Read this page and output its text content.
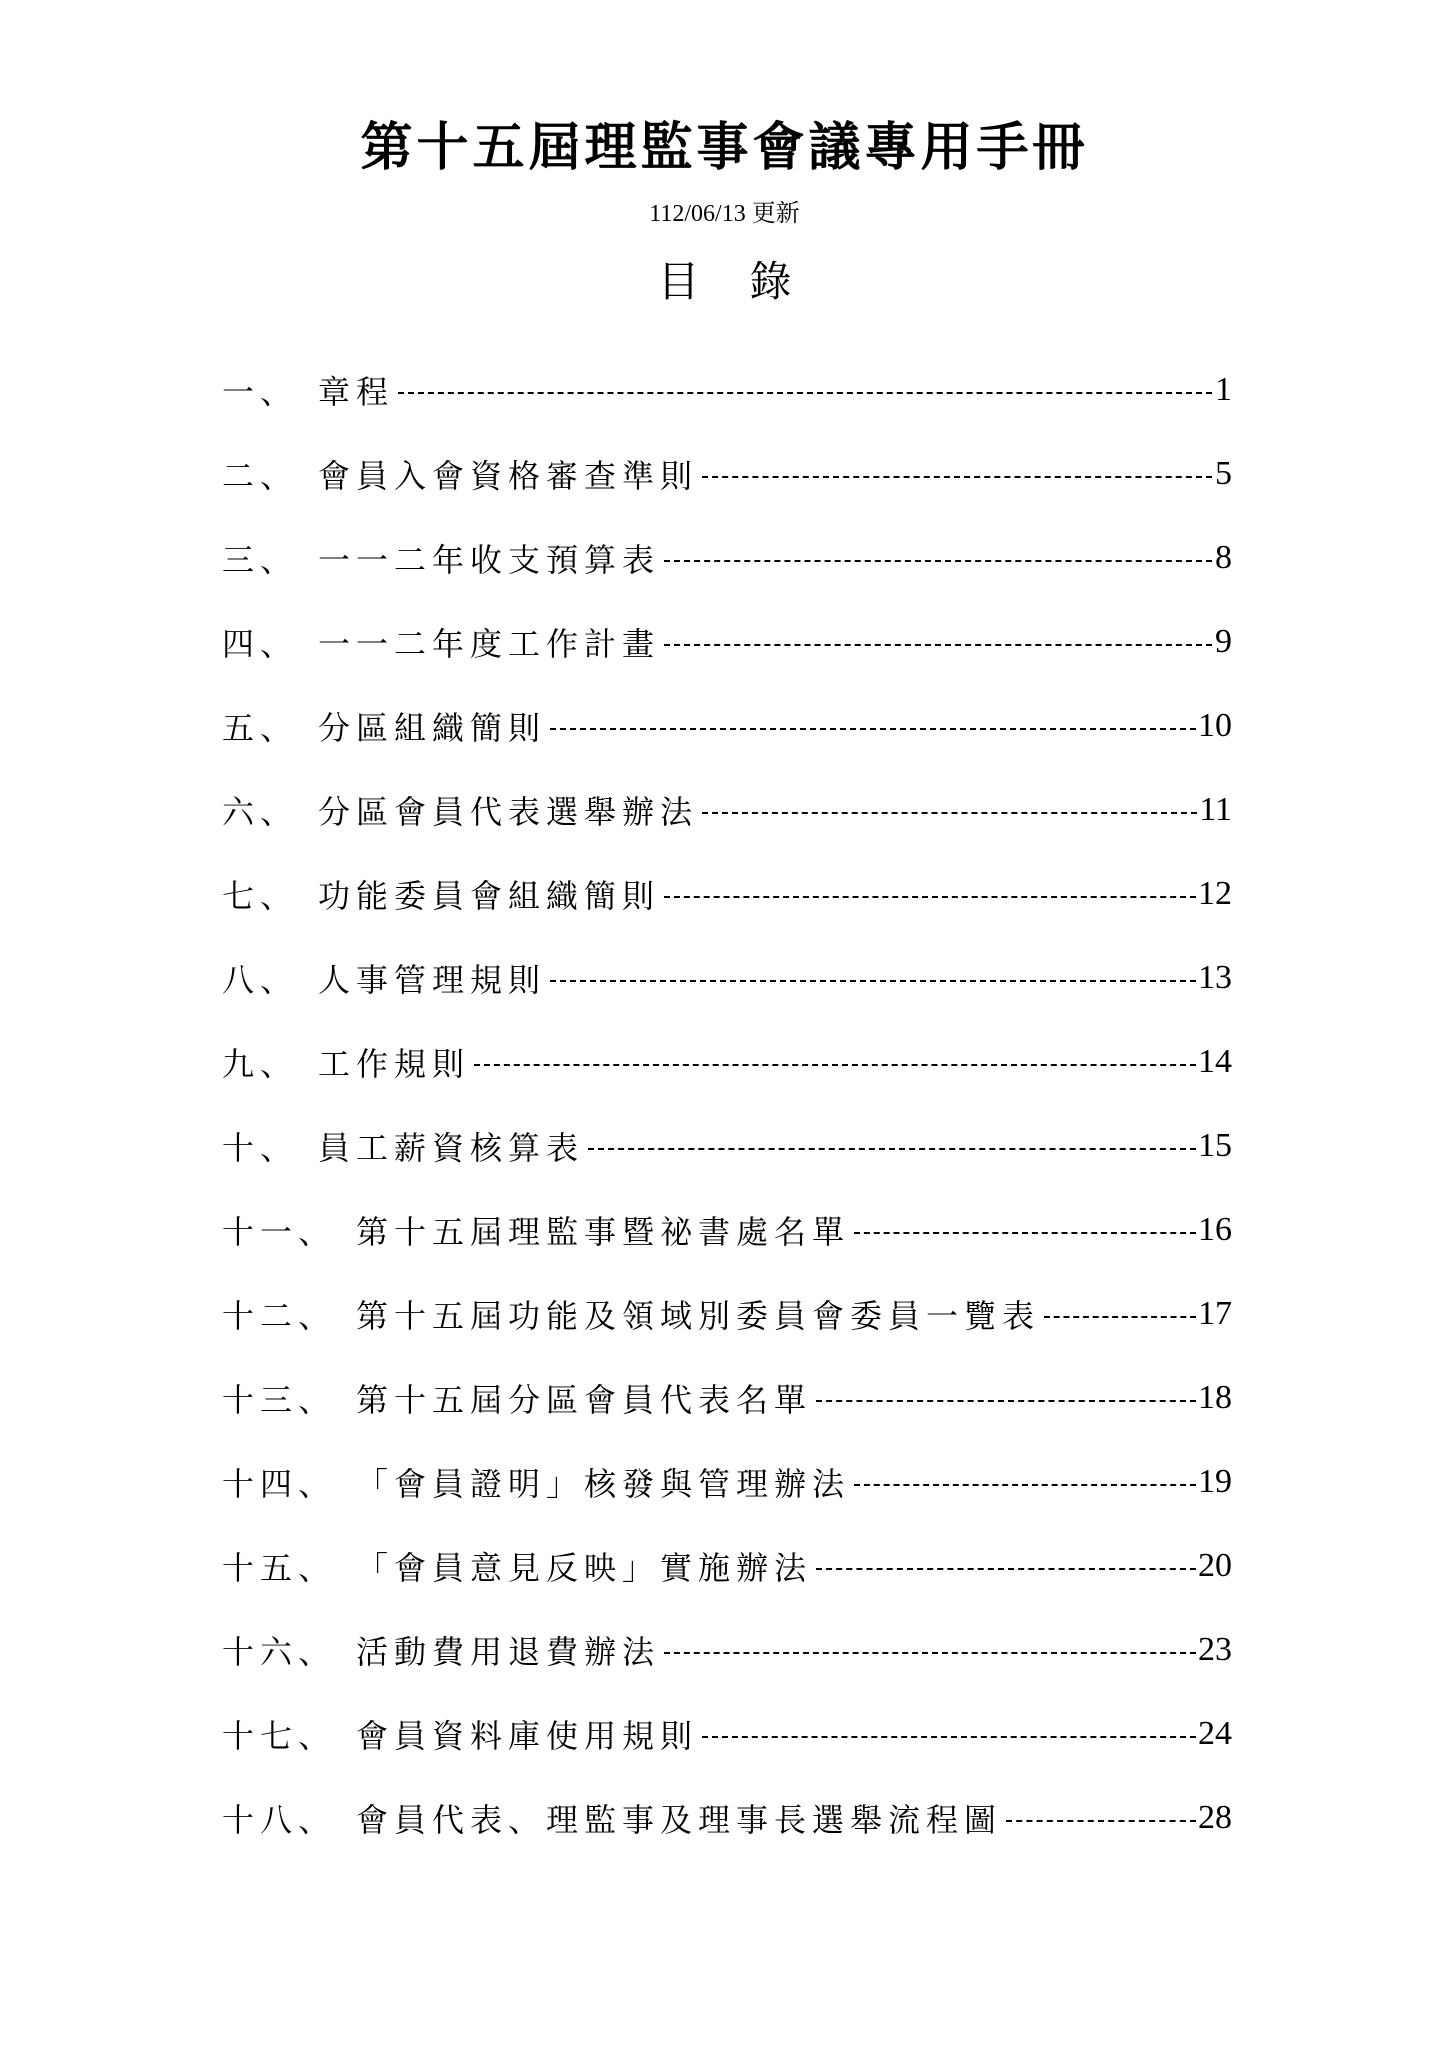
第十五屆理監事會議專用手冊
112/06/13 更新
目錄
一、 章程	1
二、 會員入會資格審查準則	5
三、 一一二年收支預算表	8
四、 一一二年度工作計畫	9
五、 分區組織簡則	10
六、 分區會員代表選舉辦法	11
七、 功能委員會組織簡則	12
八、 人事管理規則	13
九、 工作規則	14
十、 員工薪資核算表	15
十一、 第十五屆理監事暨祕書處名單	16
十二、 第十五屆功能及領域別委員會委員一覽表	17
十三、 第十五屆分區會員代表名單	18
十四、 「會員證明」核發與管理辦法	19
十五、 「會員意見反映」實施辦法	20
十六、 活動費用退費辦法	23
十七、 會員資料庫使用規則	24
十八、 會員代表、理監事及理事長選舉流程圖	28
